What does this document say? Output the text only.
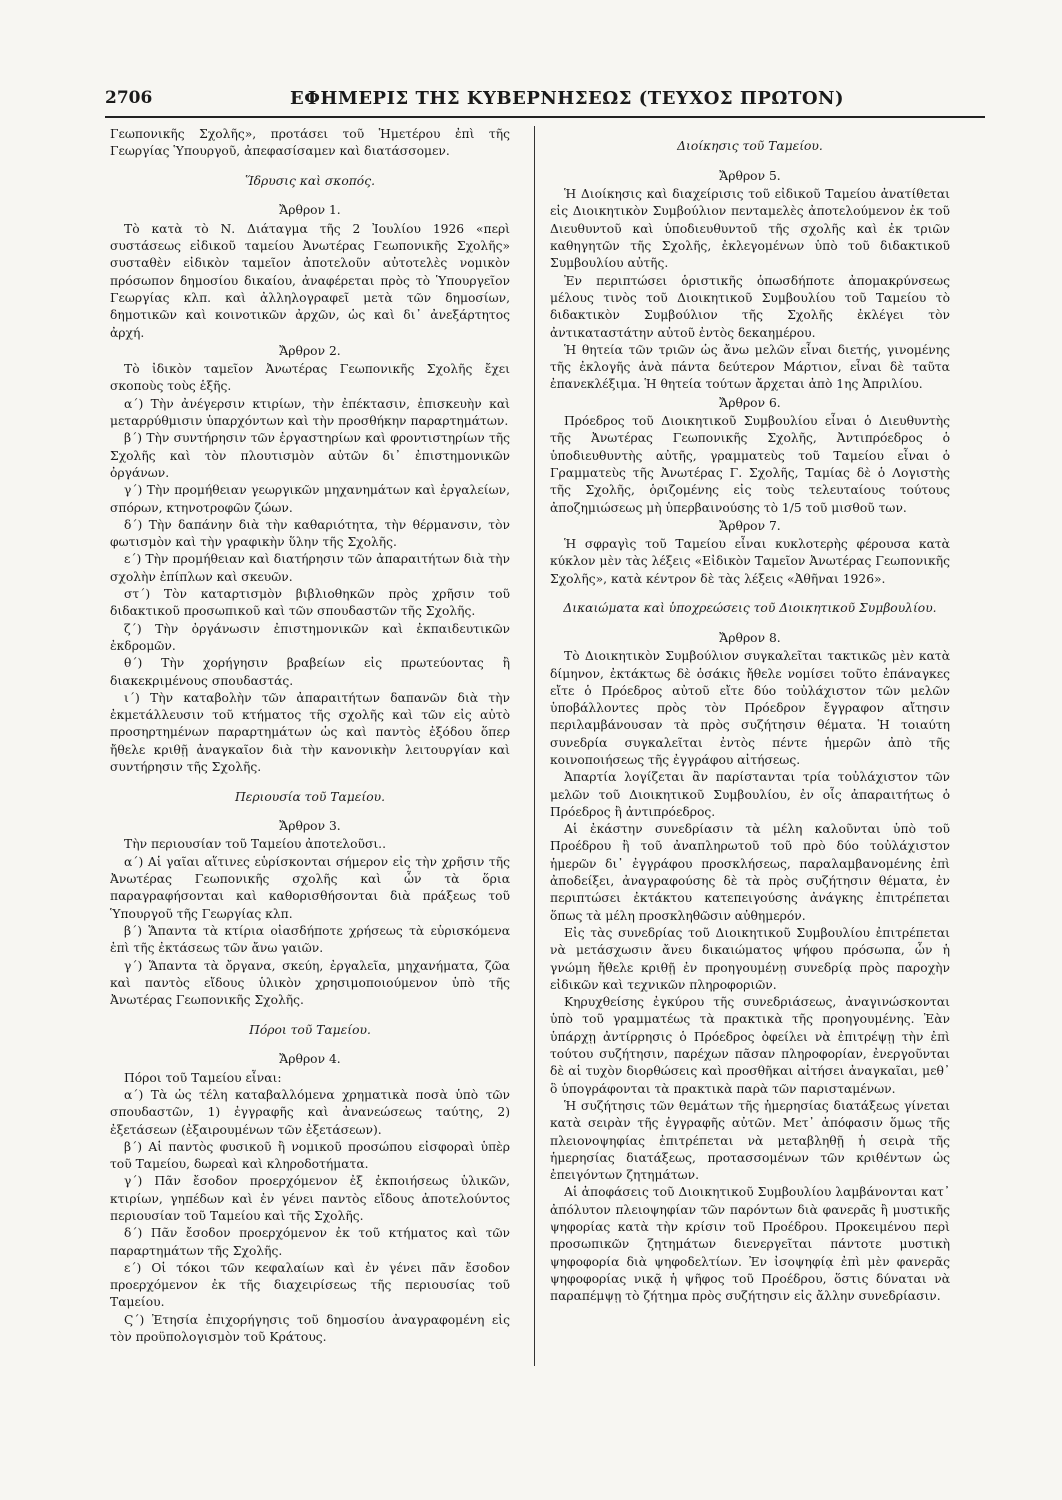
2706	ΕΦΗΜΕΡΙΣ ΤΗΣ ΚΥΒΕΡΝΗΣΕΩΣ (ΤΕΥΧΟΣ ΠΡΩΤΟΝ)

Γεωπονικῆς Σχολῆς», προτάσει τοῦ Ἡμετέρου ἐπὶ τῆς Γεωργίας Ὑπουργοῦ, ἀπεφασίσαμεν καὶ διατάσσομεν.

Ἵδρυσις καὶ σκοπός.

Ἄρθρον 1.

Τὸ κατὰ τὸ Ν. Διάταγμα τῆς 2 Ἰουλίου 1926 «περὶ συστάσεως εἰδικοῦ ταμείου Ἀνωτέρας Γεωπονικῆς Σχολῆς» συσταθὲν εἰδικὸν ταμεῖον ἀποτελοῦν αὐτοτελὲς νομικὸν πρόσωπον δημοσίου δικαίου, ἀναφέρεται πρὸς τὸ Ὑπουργεῖον Γεωργίας κλπ. καὶ ἀλληλογραφεῖ μετὰ τῶν δημοσίων, δημοτικῶν καὶ κοινοτικῶν ἀρχῶν, ὡς καὶ δι᾽ ἀνεξάρτητος ἀρχή.

Ἄρθρον 2.

Τὸ ἰδικὸν ταμεῖον Ἀνωτέρας Γεωπονικῆς Σχολῆς ἔχει σκοποὺς τοὺς ἑξῆς.

α΄) Τὴν ἀνέγερσιν κτιρίων, τὴν ἐπέκτασιν, ἐπισκευὴν καὶ μεταρρύθμισιν ὑπαρχόντων καὶ τὴν προσθήκην παραρτημάτων.

β΄) Τὴν συντήρησιν τῶν ἐργαστηρίων καὶ φροντιστηρίων τῆς Σχολῆς καὶ τὸν πλουτισμὸν αὐτῶν δι᾽ ἐπιστημονικῶν ὀργάνων.

γ΄) Τὴν προμήθειαν γεωργικῶν μηχανημάτων καὶ ἐργαλείων, σπόρων, κτηνοτροφῶν ζώων.

δ΄) Τὴν δαπάνην διὰ τὴν καθαριότητα, τὴν θέρμανσιν, τὸν φωτισμὸν καὶ τὴν γραφικὴν ὕλην τῆς Σχολῆς.

ε΄) Τὴν προμήθειαν καὶ διατήρησιν τῶν ἀπαραιτήτων διὰ τὴν σχολὴν ἐπίπλων καὶ σκευῶν.

στ΄) Τὸν καταρτισμὸν βιβλιοθηκῶν πρὸς χρῆσιν τοῦ διδακτικοῦ προσωπικοῦ καὶ τῶν σπουδαστῶν τῆς Σχολῆς.

ζ΄) Τὴν ὀργάνωσιν ἐπιστημονικῶν καὶ ἐκπαιδευτικῶν ἐκδρομῶν.

θ΄) Τὴν χορήγησιν βραβείων εἰς πρωτεύοντας ἢ διακεκριμένους σπουδαστάς.

ι΄) Τὴν καταβολὴν τῶν ἀπαραιτήτων δαπανῶν διὰ τὴν ἐκμετάλλευσιν τοῦ κτήματος τῆς σχολῆς καὶ τῶν εἰς αὐτὸ προσηρτημένων παραρτημάτων ὡς καὶ παντὸς ἐξόδου ὅπερ ἤθελε κριθῇ ἀναγκαῖον διὰ τὴν κανονικὴν λειτουργίαν καὶ συντήρησιν τῆς Σχολῆς.

Περιουσία τοῦ Ταμείου.

Ἄρθρον 3.

Τὴν περιουσίαν τοῦ Ταμείου ἀποτελοῦσι..

α΄) Αἱ γαῖαι αἵτινες εὑρίσκονται σήμερον εἰς τὴν χρῆσιν τῆς Ἀνωτέρας Γεωπονικῆς σχολῆς καὶ ὧν τὰ ὅρια παραγραφήσονται καὶ καθορισθήσονται διὰ πράξεως τοῦ Ὑπουργοῦ τῆς Γεωργίας κλπ.

β΄) Ἅπαντα τὰ κτίρια οἰασδήποτε χρήσεως τὰ εὑρισκόμενα ἐπὶ τῆς ἐκτάσεως τῶν ἄνω γαιῶν.

γ΄) Ἅπαντα τὰ ὄργανα, σκεύη, ἐργαλεῖα, μηχανήματα, ζῶα καὶ παντὸς εἴδους ὑλικὸν χρησιμοποιούμενον ὑπὸ τῆς Ἀνωτέρας Γεωπονικῆς Σχολῆς.

Πόροι τοῦ Ταμείου.

Ἄρθρον 4.

Πόροι τοῦ Ταμείου εἶναι:

α΄) Τὰ ὡς τέλη καταβαλλόμενα χρηματικὰ ποσὰ ὑπὸ τῶν σπουδαστῶν, 1) ἐγγραφῆς καὶ ἀνανεώσεως ταύτης, 2) ἐξετάσεων (ἐξαιρουμένων τῶν ἐξετάσεων).

β΄) Αἱ παντὸς φυσικοῦ ἢ νομικοῦ προσώπου εἰσφοραὶ ὑπὲρ τοῦ Ταμείου, δωρεαὶ καὶ κληροδοτήματα.

γ΄) Πᾶν ἔσοδον προερχόμενον ἐξ ἐκποιήσεως ὑλικῶν, κτιρίων, γηπέδων καὶ ἐν γένει παντὸς εἴδους ἀποτελούντος περιουσίαν τοῦ Ταμείου καὶ τῆς Σχολῆς.

δ΄) Πᾶν ἔσοδον προερχόμενον ἐκ τοῦ κτήματος καὶ τῶν παραρτημάτων τῆς Σχολῆς.

ε΄) Οἱ τόκοι τῶν κεφαλαίων καὶ ἐν γένει πᾶν ἔσοδον προερχόμενον ἐκ τῆς διαχειρίσεως τῆς περιουσίας τοῦ Ταμείου.

Ϛ΄) Ἐτησία ἐπιχορήγησις τοῦ δημοσίου ἀναγραφομένη εἰς τὸν προϋπολογισμὸν τοῦ Κράτους.

Διοίκησις τοῦ Ταμείου.

Ἄρθρον 5.

Ἡ Διοίκησις καὶ διαχείρισις τοῦ εἰδικοῦ Ταμείου ἀνατίθεται εἰς Διοικητικὸν Συμβούλιον πενταμελὲς ἀποτελούμενον ἐκ τοῦ Διευθυντοῦ καὶ ὑποδιευθυντοῦ τῆς σχολῆς καὶ ἐκ τριῶν καθηγητῶν τῆς Σχολῆς, ἐκλεγομένων ὑπὸ τοῦ διδακτικοῦ Συμβουλίου αὐτῆς.

Ἐν περιπτώσει ὁριστικῆς ὁπωσδήποτε ἀπομακρύνσεως μέλους τινὸς τοῦ Διοικητικοῦ Συμβουλίου τοῦ Ταμείου τὸ διδακτικὸν Συμβούλιον τῆς Σχολῆς ἐκλέγει τὸν ἀντικαταστάτην αὐτοῦ ἐντὸς δεκαημέρου.

Ἡ θητεία τῶν τριῶν ὡς ἄνω μελῶν εἶναι διετής, γινομένης τῆς ἐκλογῆς ἀνὰ πάντα δεύτερον Μάρτιον, εἶναι δὲ ταῦτα ἐπανεκλέξιμα. Ἡ θητεία τούτων ἄρχεται ἀπὸ 1ης Ἀπριλίου.

Ἄρθρον 6.

Πρόεδρος τοῦ Διοικητικοῦ Συμβουλίου εἶναι ὁ Διευθυντὴς τῆς Ἀνωτέρας Γεωπονικῆς Σχολῆς, Ἀντιπρόεδρος ὁ ὑποδιευθυντὴς αὐτῆς, γραμματεὺς τοῦ Ταμείου εἶναι ὁ Γραμματεὺς τῆς Ἀνωτέρας Γ. Σχολῆς, Ταμίας δὲ ὁ Λογιστὴς τῆς Σχολῆς, ὁριζομένης εἰς τοὺς τελευταίους τούτους ἀποζημιώσεως μὴ ὑπερβαινούσης τὸ 1/5 τοῦ μισθοῦ των.

Ἄρθρον 7.

Ἡ σφραγὶς τοῦ Ταμείου εἶναι κυκλοτερὴς φέρουσα κατὰ κύκλον μὲν τὰς λέξεις «Εἰδικὸν Ταμεῖον Ἀνωτέρας Γεωπονικῆς Σχολῆς», κατὰ κέντρον δὲ τὰς λέξεις «Ἀθῆναι 1926».

Δικαιώματα καὶ ὑποχρεώσεις τοῦ Διοικητικοῦ Συμβουλίου.

Ἄρθρον 8.

Τὸ Διοικητικὸν Συμβούλιον συγκαλεῖται τακτικῶς μὲν κατὰ δίμηνον, ἐκτάκτως δὲ ὁσάκις ἤθελε νομίσει τοῦτο ἐπάναγκες εἴτε ὁ Πρόεδρος αὐτοῦ εἴτε δύο τοὐλάχιστον τῶν μελῶν ὑποβάλλοντες πρὸς τὸν Πρόεδρον ἔγγραφον αἴτησιν περιλαμβάνουσαν τὰ πρὸς συζήτησιν θέματα. Ἡ τοιαύτη συνεδρία συγκαλεῖται ἐντὸς πέντε ἡμερῶν ἀπὸ τῆς κοινοποιήσεως τῆς ἐγγράφου αἰτήσεως.

Ἀπαρτία λογίζεται ἂν παρίστανται τρία τοὐλάχιστον τῶν μελῶν τοῦ Διοικητικοῦ Συμβουλίου, ἐν οἷς ἀπαραιτήτως ὁ Πρόεδρος ἢ ἀντιπρόεδρος.

Αἱ ἐκάστην συνεδρίασιν τὰ μέλη καλοῦνται ὑπὸ τοῦ Προέδρου ἢ τοῦ ἀναπληρωτοῦ τοῦ πρὸ δύο τοὐλάχιστον ἡμερῶν δι᾽ ἐγγράφου προσκλήσεως, παραλαμβανομένης ἐπὶ ἀποδείξει, ἀναγραφούσης δὲ τὰ πρὸς συζήτησιν θέματα, ἐν περιπτώσει ἐκτάκτου κατεπειγούσης ἀνάγκης ἐπιτρέπεται ὅπως τὰ μέλη προσκληθῶσιν αὐθημερόν.

Εἰς τὰς συνεδρίας τοῦ Διοικητικοῦ Συμβουλίου ἐπιτρέπεται νὰ μετάσχωσιν ἄνευ δικαιώματος ψήφου πρόσωπα, ὧν ἡ γνώμη ἤθελε κριθῇ ἐν προηγουμένῃ συνεδρίᾳ πρὸς παροχὴν εἰδικῶν καὶ τεχνικῶν πληροφοριῶν.

Κηρυχθείσης ἐγκύρου τῆς συνεδριάσεως, ἀναγινώσκονται ὑπὸ τοῦ γραμματέως τὰ πρακτικὰ τῆς προηγουμένης. Ἐὰν ὑπάρχῃ ἀντίρρησις ὁ Πρόεδρος ὀφείλει νὰ ἐπιτρέψῃ τὴν ἐπὶ τούτου συζήτησιν, παρέχων πᾶσαν πληροφορίαν, ἐνεργοῦνται δὲ αἱ τυχὸν διορθώσεις καὶ προσθῆκαι αἰτήσει ἀναγκαῖαι, μεθ᾽ ὃ ὑπογράφονται τὰ πρακτικὰ παρὰ τῶν παρισταμένων.

Ἡ συζήτησις τῶν θεμάτων τῆς ἡμερησίας διατάξεως γίνεται κατὰ σειρὰν τῆς ἐγγραφῆς αὐτῶν. Μετ᾽ ἀπόφασιν ὅμως τῆς πλειονοψηφίας ἐπιτρέπεται νὰ μεταβληθῇ ἡ σειρὰ τῆς ἡμερησίας διατάξεως, προτασσομένων τῶν κριθέντων ὡς ἐπειγόντων ζητημάτων.

Αἱ ἀποφάσεις τοῦ Διοικητικοῦ Συμβουλίου λαμβάνονται κατ᾽ ἀπόλυτον πλειοψηφίαν τῶν παρόντων διὰ φανερᾶς ἢ μυστικῆς ψηφορίας κατὰ τὴν κρίσιν τοῦ Προέδρου. Προκειμένου περὶ προσωπικῶν ζητημάτων διενεργεῖται πάντοτε μυστικὴ ψηφοφορία διὰ ψηφοδελτίων. Ἐν ἰσοψηφίᾳ ἐπὶ μὲν φανερᾶς ψηφοφορίας νικᾷ ἡ ψῆφος τοῦ Προέδρου, ὅστις δύναται νὰ παραπέμψῃ τὸ ζήτημα πρὸς συζήτησιν εἰς ἄλλην συνεδρίασιν.
